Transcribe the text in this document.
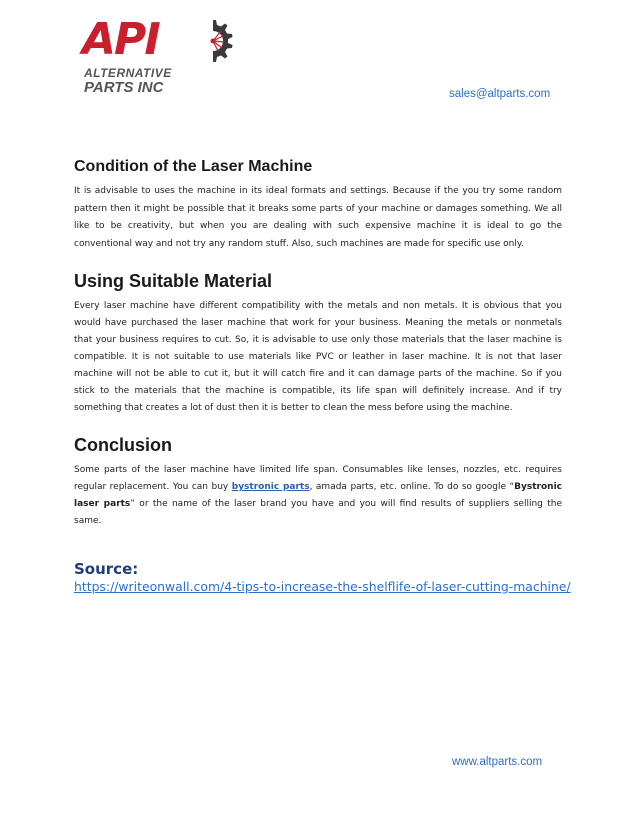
API
ALTERNATIVE
PARTS INC	sales@altparts.com
Condition of the Laser Machine

It is advisable to uses the machine in its ideal formats and settings. Because if the you try some random pattern then it might be possible that it breaks some parts of your machine or damages something. We all like to be creativity, but when you are dealing with such expensive machine it is ideal to go the conventional way and not try any random stuff. Also, such machines are made for specific use only.

Using Suitable Material

Every laser machine have different compatibility with the metals and non metals. It is obvious that you would have purchased the laser machine that work for your business. Meaning the metals or nonmetals that your business requires to cut. So, it is advisable to use only those materials that the laser machine is compatible. It is not suitable to use materials like PVC or leather in laser machine. It is not that laser machine will not be able to cut it, but it will catch fire and it can damage parts of the machine. So if you stick to the materials that the machine is compatible, its life span will definitely increase. And if try something that creates a lot of dust then it is better to clean the mess before using the machine.

Conclusion

Some parts of the laser machine have limited life span. Consumables like lenses, nozzles, etc. requires regular replacement. You can buy bystronic parts, amada parts, etc. online. To do so google “Bystronic laser parts” or the name of the laser brand you have and you will find results of suppliers selling the same.

Source:
https://writeonwall.com/4-tips-to-increase-the-shelflife-of-laser-cutting-machine/
www.altparts.com
